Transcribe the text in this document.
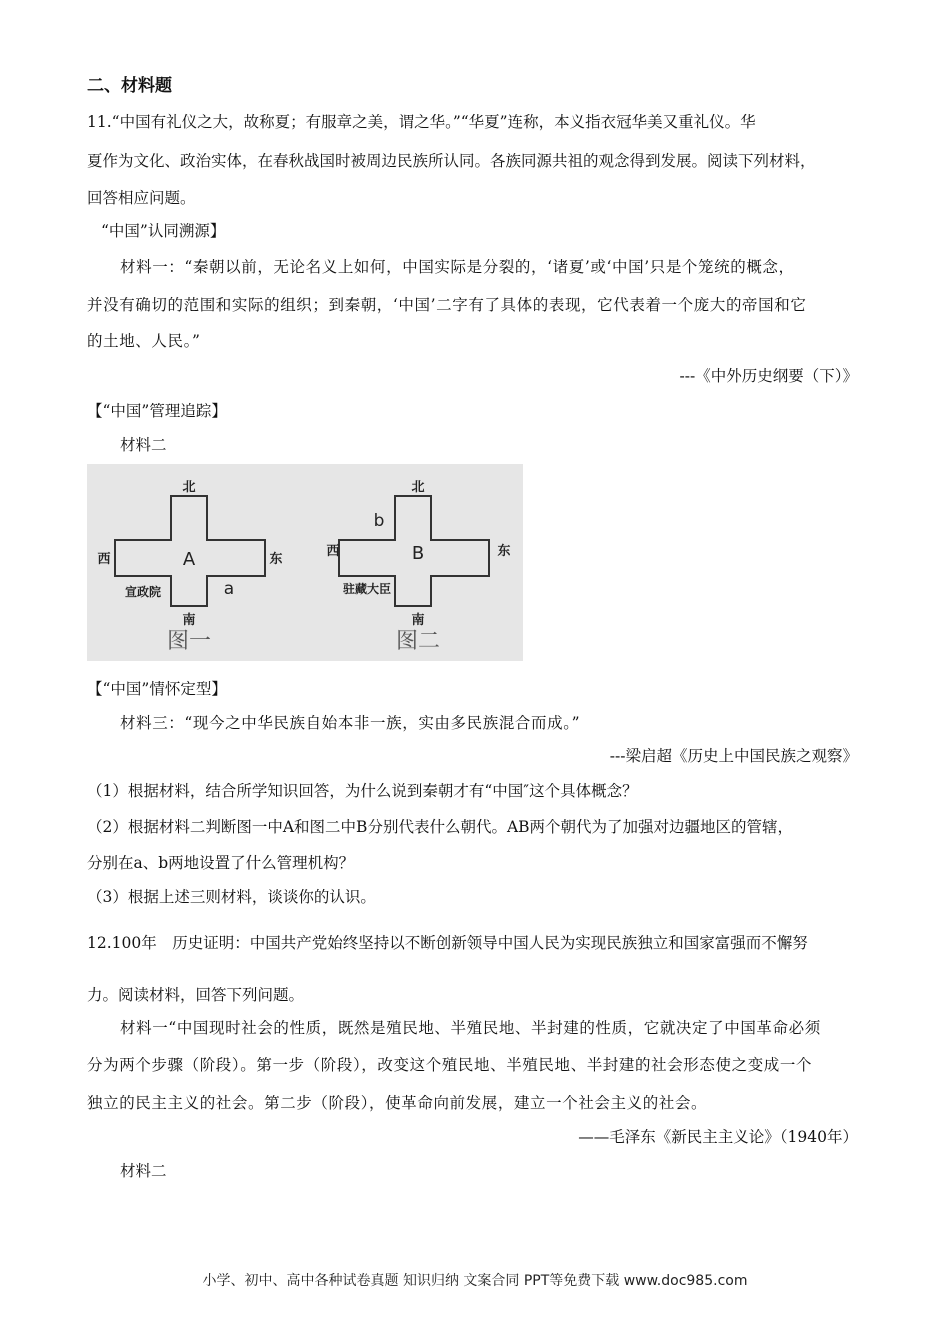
二、材料题
11.“中国有礼仪之大，故称夏；有服章之美，谓之华。”“华夏”连称，本义指衣冠华美又重礼仪。华
夏作为文化、政治实体，在春秋战国时被周边民族所认同。各族同源共祖的观念得到发展。阅读下列材料，
回答相应问题。
“中国”认同溯源】
材料一：“秦朝以前，无论名义上如何，中国实际是分裂的，‘诸夏’或‘中国’只是个笼统的概念，
并没有确切的范围和实际的组织；到秦朝，‘中国’二字有了具体的表现，它代表着一个庞大的帝国和它
的土地、人民。”
---《中外历史纲要（下）》
【“中国”管理追踪】
材料二
北
南
西	东
A
宣政院	a
北
南
西	东
B
b
驻藏大臣
图一	图二
【“中国”情怀定型】
材料三：“现今之中华民族自始本非一族，实由多民族混合而成。”
---梁启超《历史上中国民族之观察》
（1）根据材料，结合所学知识回答，为什么说到秦朝才有“中国″这个具体概念？
（2）根据材料二判断图一中A和图二中B分别代表什么朝代。AB两个朝代为了加强对边疆地区的管辖，
分别在a、b两地设置了什么管理机构？
（3）根据上述三则材料，谈谈你的认识。
12.100年　历史证明：中国共产党始终坚持以不断创新领导中国人民为实现民族独立和国家富强而不懈努
力。阅读材料，回答下列问题。
材料一“中国现时社会的性质，既然是殖民地、半殖民地、半封建的性质，它就决定了中国革命必须
分为两个步骤（阶段）。第一步（阶段），改变这个殖民地、半殖民地、半封建的社会形态使之变成一个
独立的民主主义的社会。第二步（阶段），使革命向前发展，建立一个社会主义的社会。
——毛泽东《新民主主义论》（1940年）
材料二
小学、初中、高中各种试卷真题 知识归纳 文案合同 PPT等免费下载 www.doc985.com
